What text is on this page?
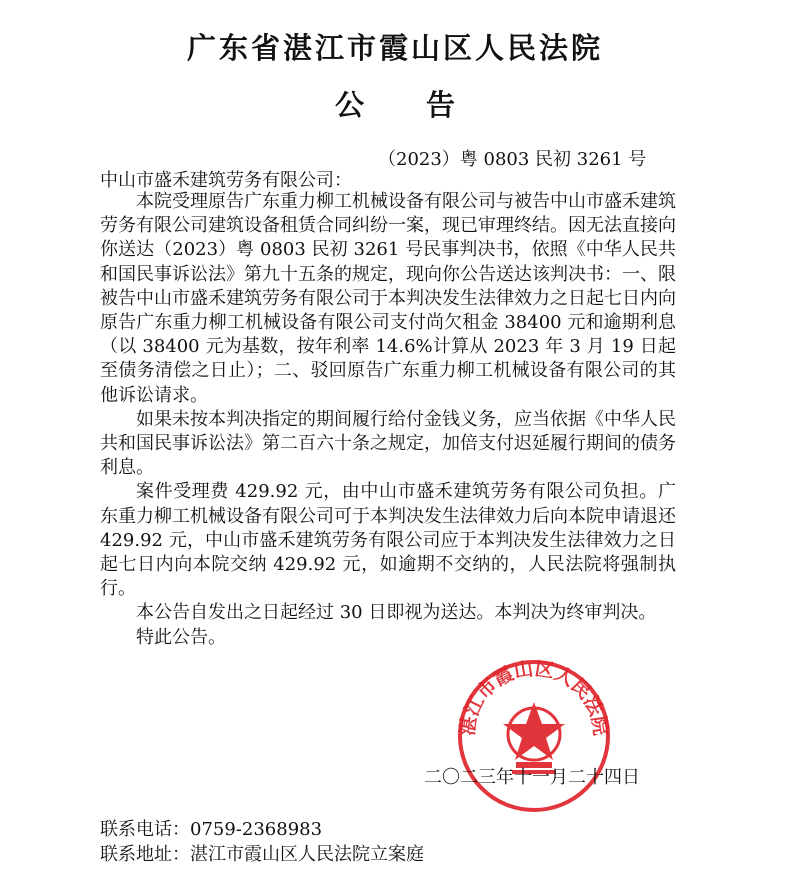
广东省湛江市霞山区人民法院
公告
（2023）粤 0803 民初 3261 号
中山市盛禾建筑劳务有限公司：

本院受理原告广东重力柳工机械设备有限公司与被告中山市盛禾建筑劳务有限公司建筑设备租赁合同纠纷一案，现已审理终结。因无法直接向你送达（2023）粤 0803 民初 3261 号民事判决书，依照《中华人民共和国民事诉讼法》第九十五条的规定，现向你公告送达该判决书：一、限被告中山市盛禾建筑劳务有限公司于本判决发生法律效力之日起七日内向原告广东重力柳工机械设备有限公司支付尚欠租金 38400 元和逾期利息（以 38400 元为基数，按年利率 14.6%计算从 2023 年 3 月 19 日起至债务清偿之日止）；二、驳回原告广东重力柳工机械设备有限公司的其他诉讼请求。

如果未按本判决指定的期间履行给付金钱义务，应当依据《中华人民共和国民事诉讼法》第二百六十条之规定，加倍支付迟延履行期间的债务利息。

案件受理费 429.92 元，由中山市盛禾建筑劳务有限公司负担。广东重力柳工机械设备有限公司可于本判决发生法律效力后向本院申请退还 429.92 元，中山市盛禾建筑劳务有限公司应于本判决发生法律效力之日起七日内向本院交纳 429.92 元，如逾期不交纳的，人民法院将强制执行。

本公告自发出之日起经过 30 日即视为送达。本判决为终审判决。

特此公告。

湛江市霞山区人民法院
二〇二三年十一月二十四日
联系电话：0759-2368983
联系地址：湛江市霞山区人民法院立案庭
